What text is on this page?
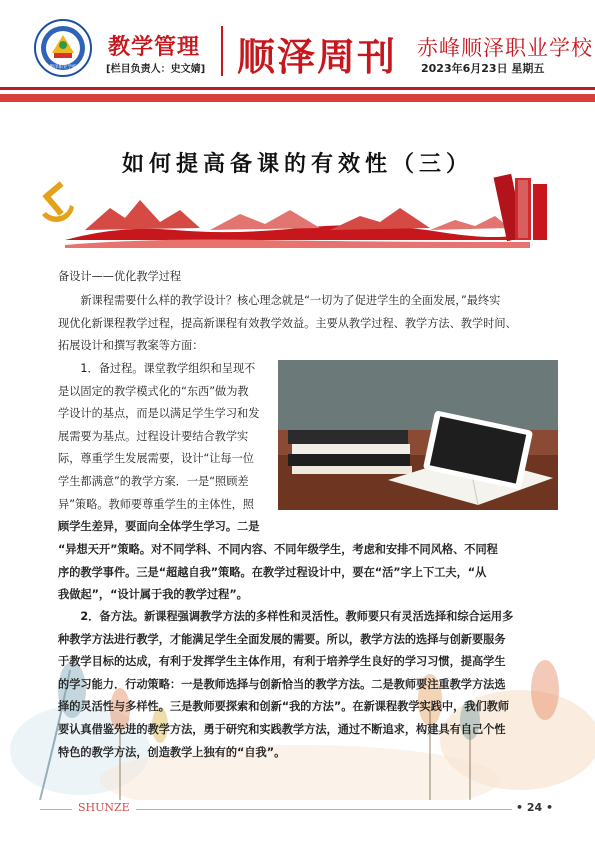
顺泽职业学校
教学管理
[栏目负责人：史文婧] 顺泽周刊 赤峰顺泽职业学校
2023年6月23日 星期五
如何提高备课的有效性（三）
备设计——优化教学过程

新课程需要什么样的教学设计？核心理念就是“一切为了促进学生的全面发展，”最终实

现优化新课程教学过程，提高新课程有效教学效益。主要从教学过程、教学方法、教学时间、
拓展设计和撰写教案等方面：
1．备过程。课堂教学组织和呈现不
是以固定的教学模式化的“东西”做为教
学设计的基点，而是以满足学生学习和发
展需要为基点。过程设计要结合教学实
际，尊重学生发展需要，设计“让每一位
学生都满意”的教学方案．一是“照顾差
异”策略。教师要尊重学生的主体性，照
顾学生差异，要面向全体学生学习。二是
“异想天开”策略。对不同学科、不同内容、不同年级学生，考虑和安排不同风格、不同程
序的教学事件。三是“超越自我”策略。在教学过程设计中，要在“活”字上下工夫，“从
我做起”，“设计属于我的教学过程”。

2．备方法。新课程强调教学方法的多样性和灵活性。教师要只有灵活选择和综合运用多

种教学方法进行教学，才能满足学生全面发展的需要。所以，教学方法的选择与创新要服务
于教学目标的达成，有利于发挥学生主体作用，有利于培养学生良好的学习习惯，提高学生
的学习能力．行动策略：一是教师选择与创新恰当的教学方法。二是教师要注重教学方法选
择的灵活性与多样性。三是教师要探索和创新“我的方法”。在新课程教学实践中，我们教师
要认真借鉴先进的教学方法，勇于研究和实践教学方法，通过不断追求，构建具有自己个性
特色的教学方法，创造教学上独有的“自我”。
SHUNZE	• 24 •
